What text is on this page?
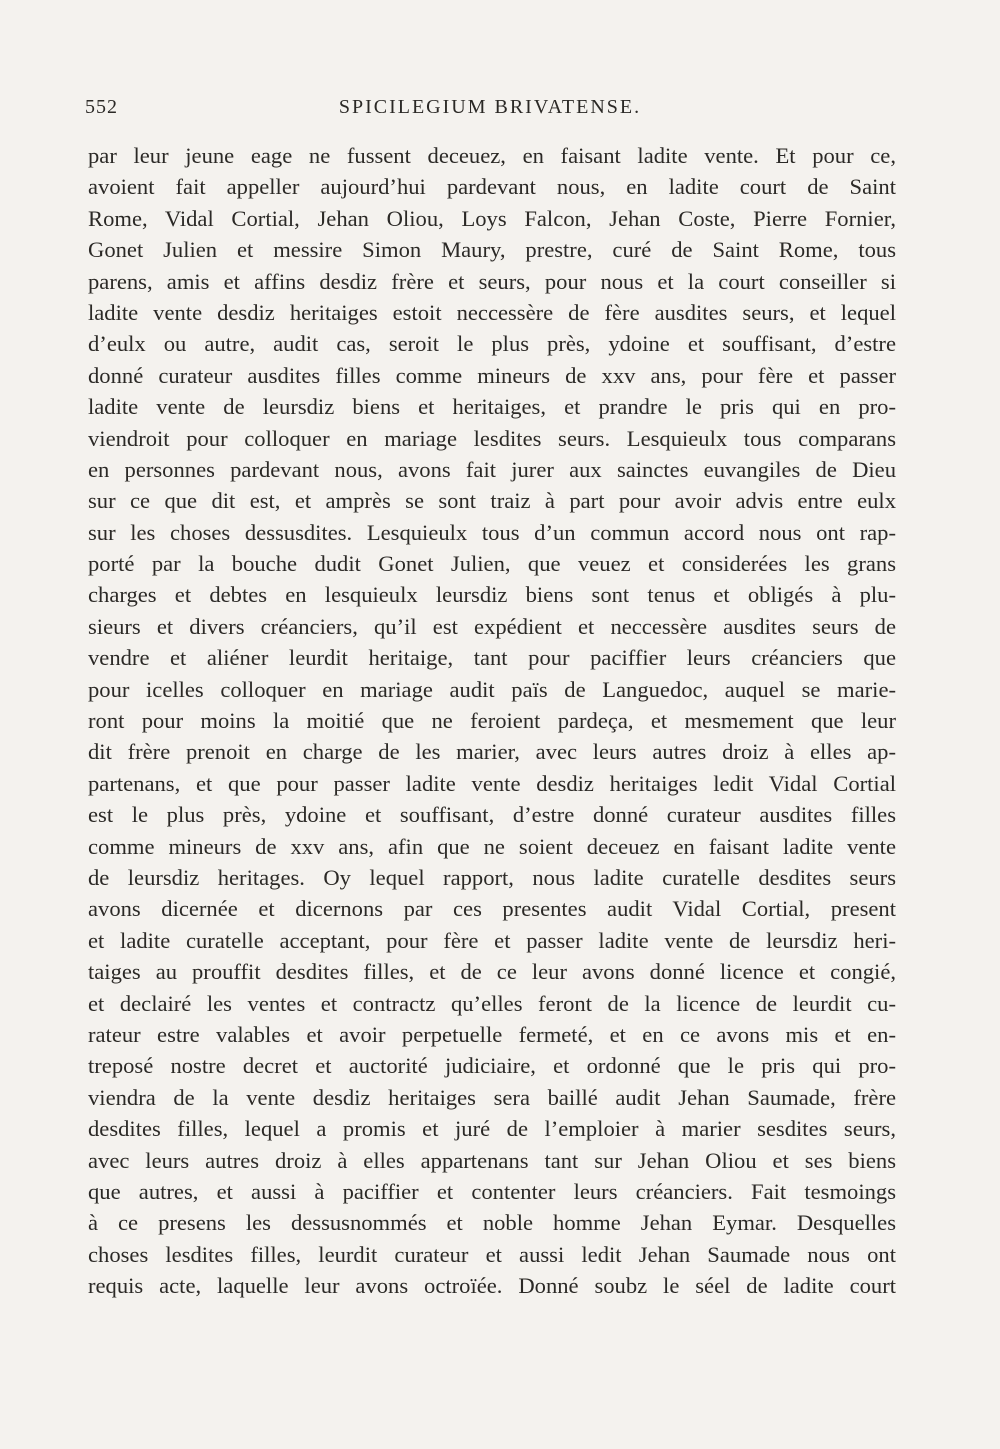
552	SPICILEGIUM BRIVATENSE.
par leur jeune eage ne fussent deceuez, en faisant ladite vente. Et pour ce,
avoient fait appeller aujourd’hui pardevant nous, en ladite court de Saint
Rome, Vidal Cortial, Jehan Oliou, Loys Falcon, Jehan Coste, Pierre Fornier,
Gonet Julien et messire Simon Maury, prestre, curé de Saint Rome, tous
parens, amis et affins desdiz frère et seurs, pour nous et la court conseiller si
ladite vente desdiz heritaiges estoit neccessère de fère ausdites seurs, et lequel
d’eulx ou autre, audit cas, seroit le plus près, ydoine et souffisant, d’estre
donné curateur ausdites filles comme mineurs de xxv ans, pour fère et passer
ladite vente de leursdiz biens et heritaiges, et prandre le pris qui en pro-
viendroit pour colloquer en mariage lesdites seurs. Lesquieulx tous comparans
en personnes pardevant nous, avons fait jurer aux sainctes euvangiles de Dieu
sur ce que dit est, et amprès se sont traiz à part pour avoir advis entre eulx
sur les choses dessusdites. Lesquieulx tous d’un commun accord nous ont rap-
porté par la bouche dudit Gonet Julien, que veuez et considerées les grans
charges et debtes en lesquieulx leursdiz biens sont tenus et obligés à plu-
sieurs et divers créanciers, qu’il est expédient et neccessère ausdites seurs de
vendre et aliéner leurdit heritaige, tant pour paciffier leurs créanciers que
pour icelles colloquer en mariage audit païs de Languedoc, auquel se marie-
ront pour moins la moitié que ne feroient pardeça, et mesmement que leur
dit frère prenoit en charge de les marier, avec leurs autres droiz à elles ap-
partenans, et que pour passer ladite vente desdiz heritaiges ledit Vidal Cortial
est le plus près, ydoine et souffisant, d’estre donné curateur ausdites filles
comme mineurs de xxv ans, afin que ne soient deceuez en faisant ladite vente
de leursdiz heritages. Oy lequel rapport, nous ladite curatelle desdites seurs
avons dicernée et dicernons par ces presentes audit Vidal Cortial, present
et ladite curatelle acceptant, pour fère et passer ladite vente de leursdiz heri-
taiges au prouffit desdites filles, et de ce leur avons donné licence et congié,
et declairé les ventes et contractz qu’elles feront de la licence de leurdit cu-
rateur estre valables et avoir perpetuelle fermeté, et en ce avons mis et en-
treposé nostre decret et auctorité judiciaire, et ordonné que le pris qui pro-
viendra de la vente desdiz heritaiges sera baillé audit Jehan Saumade, frère
desdites filles, lequel a promis et juré de l’emploier à marier sesdites seurs,
avec leurs autres droiz à elles appartenans tant sur Jehan Oliou et ses biens
que autres, et aussi à paciffier et contenter leurs créanciers. Fait tesmoings
à ce presens les dessusnommés et noble homme Jehan Eymar. Desquelles
choses lesdites filles, leurdit curateur et aussi ledit Jehan Saumade nous ont
requis acte, laquelle leur avons octroïée. Donné soubz le séel de ladite court
